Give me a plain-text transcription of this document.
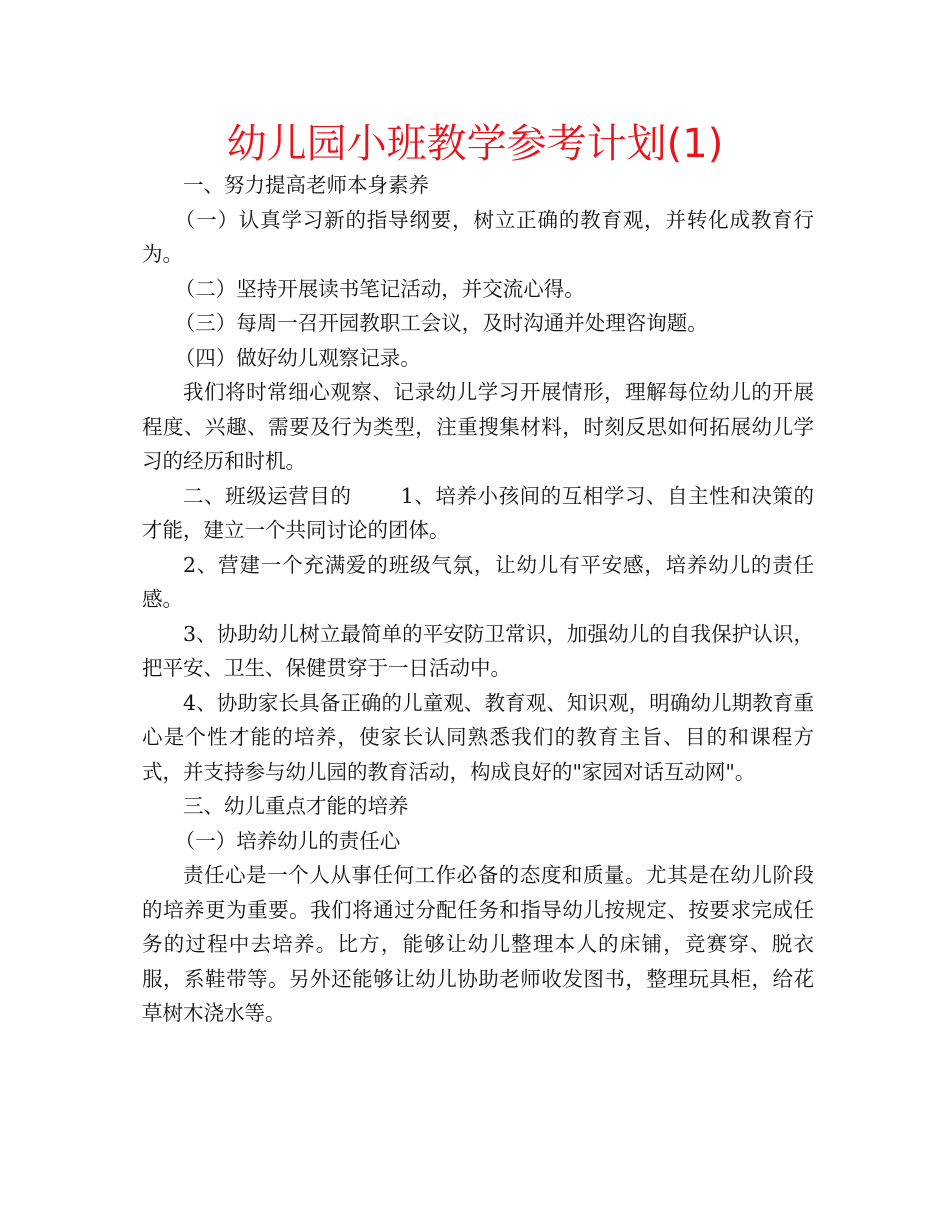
幼儿园小班教学参考计划(1)

一、努力提高老师本身素养

（一）认真学习新的指导纲要，树立正确的教育观，并转化成教育行为。

（二）坚持开展读书笔记活动，并交流心得。

（三）每周一召开园教职工会议，及时沟通并处理咨询题。

（四）做好幼儿观察记录。

我们将时常细心观察、记录幼儿学习开展情形，理解每位幼儿的开展程度、兴趣、需要及行为类型，注重搜集材料，时刻反思如何拓展幼儿学习的经历和时机。

二、班级运营目的　　 1、培养小孩间的互相学习、自主性和决策的才能，建立一个共同讨论的团体。

2、营建一个充满爱的班级气氛，让幼儿有平安感，培养幼儿的责任感。

3、协助幼儿树立最简单的平安防卫常识，加强幼儿的自我保护认识，把平安、卫生、保健贯穿于一日活动中。

4、协助家长具备正确的儿童观、教育观、知识观，明确幼儿期教育重心是个性才能的培养，使家长认同熟悉我们的教育主旨、目的和课程方式，并支持参与幼儿园的教育活动，构成良好的"家园对话互动网"。

三、幼儿重点才能的培养

（一）培养幼儿的责任心

责任心是一个人从事任何工作必备的态度和质量。尤其是在幼儿阶段的培养更为重要。我们将通过分配任务和指导幼儿按规定、按要求完成任务的过程中去培养。比方，能够让幼儿整理本人的床铺，竞赛穿、脱衣服，系鞋带等。另外还能够让幼儿协助老师收发图书，整理玩具柜，给花草树木浇水等。
